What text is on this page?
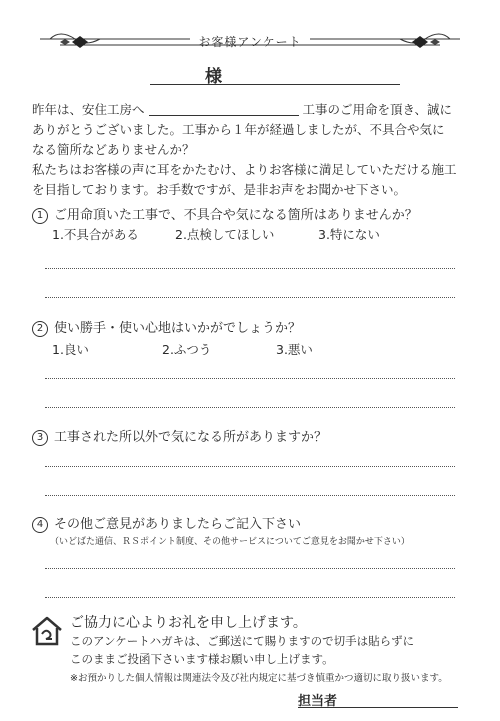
お客様アンケート
様
昨年は、安住工房へ	工事のご用命を頂き、誠に
ありがとうございました。工事から１年が経過しましたが、不具合や気に
なる箇所などありませんか？
私たちはお客様の声に耳をかたむけ、よりお客様に満足していただける施工
を目指しております。お手数ですが、是非お声をお聞かせ下さい。
1 ご用命頂いた工事で、不具合や気になる箇所はありませんか？
1.不具合がある	2.点検してほしい	3.特にない
2 使い勝手・使い心地はいかがでしょうか？
1.良い	2.ふつう	3.悪い
3 工事された所以外で気になる所がありますか？
4 その他ご意見がありましたらご記入下さい
（いどばた通信、ＲＳポイント制度、その他サービスについてご意見をお聞かせ下さい）
ご協力に心よりお礼を申し上げます。
このアンケートハガキは、ご郵送にて賜りますので切手は貼らずに
このままご投函下さいます様お願い申し上げます。
※お預かりした個人情報は関連法令及び社内規定に基づき慎重かつ適切に取り扱います。
担当者
